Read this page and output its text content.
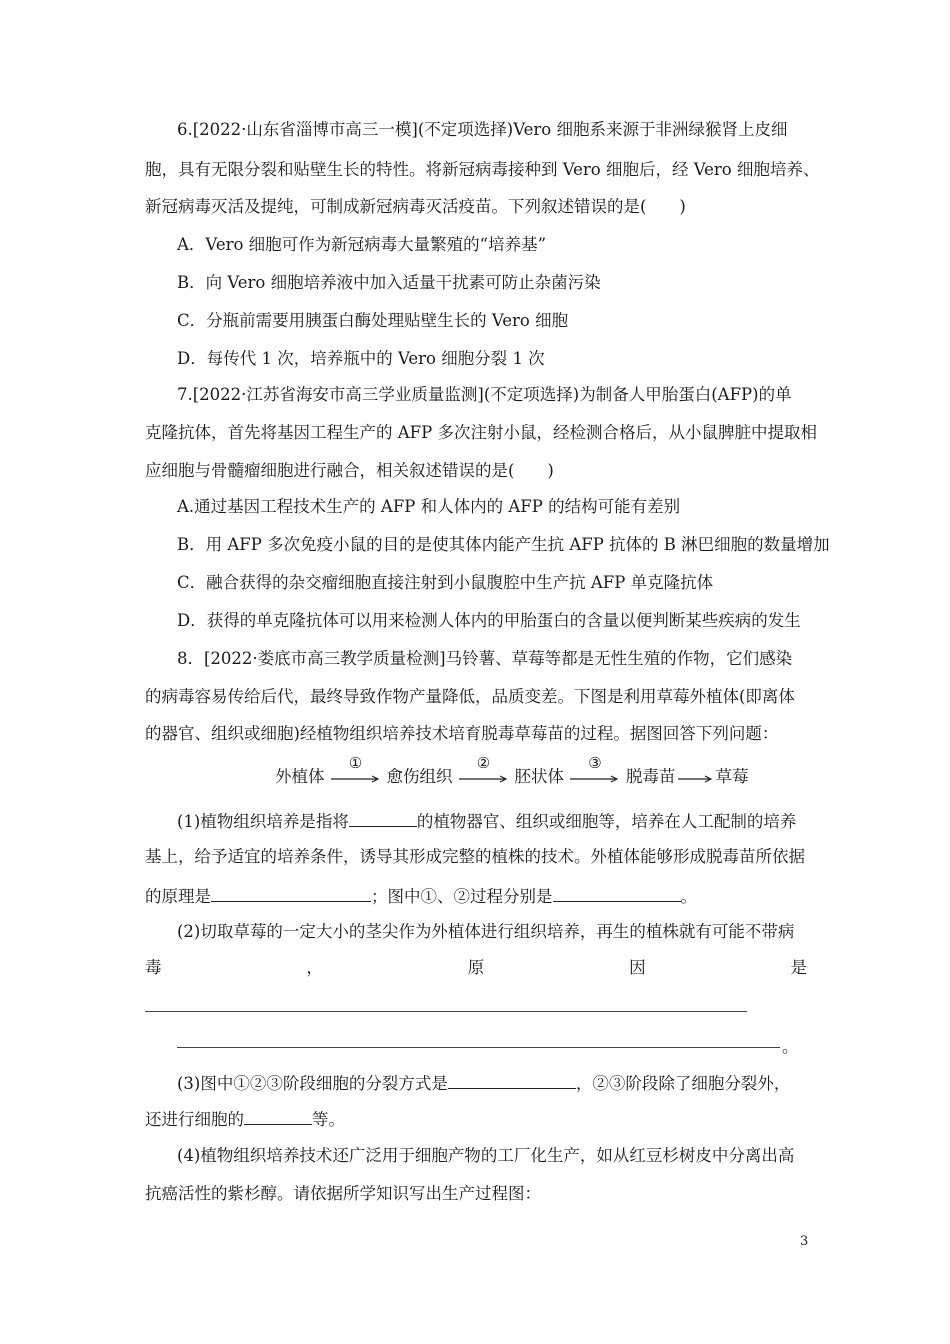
6.[2022·山东省淄博市高三一模](不定项选择)Vero 细胞系来源于非洲绿猴肾上皮细
胞，具有无限分裂和贴壁生长的特性。将新冠病毒接种到 Vero 细胞后，经 Vero 细胞培养、
新冠病毒灭活及提纯，可制成新冠病毒灭活疫苗。下列叙述错误的是(　　)
A．Vero 细胞可作为新冠病毒大量繁殖的“培养基”
B．向 Vero 细胞培养液中加入适量干扰素可防止杂菌污染
C．分瓶前需要用胰蛋白酶处理贴壁生长的 Vero 细胞
D．每传代 1 次，培养瓶中的 Vero 细胞分裂 1 次
7.[2022·江苏省海安市高三学业质量监测](不定项选择)为制备人甲胎蛋白(AFP)的单
克隆抗体，首先将基因工程生产的 AFP 多次注射小鼠，经检测合格后，从小鼠脾脏中提取相
应细胞与骨髓瘤细胞进行融合，相关叙述错误的是(　　)
A.通过基因工程技术生产的 AFP 和人体内的 AFP 的结构可能有差别
B．用 AFP 多次免疫小鼠的目的是使其体内能产生抗 AFP 抗体的 B 淋巴细胞的数量增加
C．融合获得的杂交瘤细胞直接注射到小鼠腹腔中生产抗 AFP 单克隆抗体
D．获得的单克隆抗体可以用来检测人体内的甲胎蛋白的含量以便判断某些疾病的发生
8．[2022·娄底市高三教学质量检测]马铃薯、草莓等都是无性生殖的作物，它们感染
的病毒容易传给后代，最终导致作物产量降低，品质变差。下图是利用草莓外植体(即离体
的器官、组织或细胞)经植物组织培养技术培育脱毒草莓苗的过程。据图回答下列问题：
外植体
①
愈伤组织
②
胚状体
③
脱毒苗 草莓
(1)植物组织培养是指将	的植物器官、组织或细胞等，培养在人工配制的培养
基上，给予适宜的培养条件，诱导其形成完整的植株的技术。外植体能够形成脱毒苗所依据
的原理是	；图中①、②过程分别是	。
(2)切取草莓的一定大小的茎尖作为外植体进行组织培养，再生的植株就有可能不带病
毒	，	原	因	是
。
(3)图中①②③阶段细胞的分裂方式是	，②③阶段除了细胞分裂外，
还进行细胞的	等。
(4)植物组织培养技术还广泛用于细胞产物的工厂化生产，如从红豆杉树皮中分离出高
抗癌活性的紫杉醇。请依据所学知识写出生产过程图：
3
